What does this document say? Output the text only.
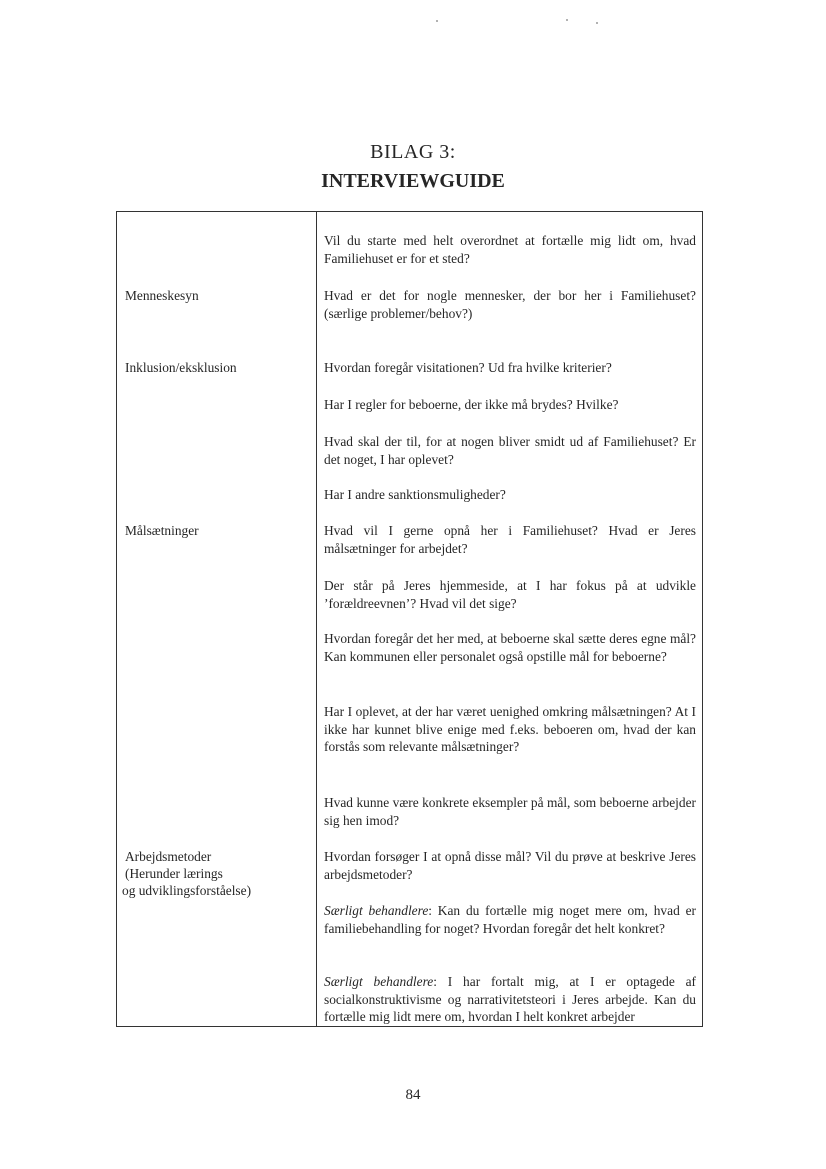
BILAG 3:
INTERVIEWGUIDE
Menneskesyn
Inklusion/eksklusion
Målsætninger
Arbejdsmetoder
(Herunder lærings
og udviklingsforståelse)
Vil du starte med helt overordnet at fortælle mig lidt om, hvad Familiehuset er for et sted?
Hvad er det for nogle mennesker, der bor her i Familiehuset? (særlige problemer/behov?)
Hvordan foregår visitationen? Ud fra hvilke kriterier?
Har I regler for beboerne, der ikke må brydes? Hvilke?
Hvad skal der til, for at nogen bliver smidt ud af Familiehuset? Er det noget, I har oplevet?
Har I andre sanktionsmuligheder?
Hvad vil I gerne opnå her i Familiehuset? Hvad er Jeres målsætninger for arbejdet?
Der står på Jeres hjemmeside, at I har fokus på at udvikle ’forældreevnen’? Hvad vil det sige?
Hvordan foregår det her med, at beboerne skal sætte deres egne mål? Kan kommunen eller personalet også opstille mål for beboerne?
Har I oplevet, at der har været uenighed omkring målsætningen? At I ikke har kunnet blive enige med f.eks. beboeren om, hvad der kan forstås som relevante målsætninger?
Hvad kunne være konkrete eksempler på mål, som beboerne arbejder sig hen imod?
Hvordan forsøger I at opnå disse mål? Vil du prøve at beskrive Jeres arbejdsmetoder?
Særligt behandlere: Kan du fortælle mig noget mere om, hvad er familiebehandling for noget? Hvordan foregår det helt konkret?
Særligt behandlere: I har fortalt mig, at I er optagede af socialkonstruktivisme og narrativitetsteori i Jeres arbejde. Kan du fortælle mig lidt mere om, hvordan I helt konkret arbejder
84
